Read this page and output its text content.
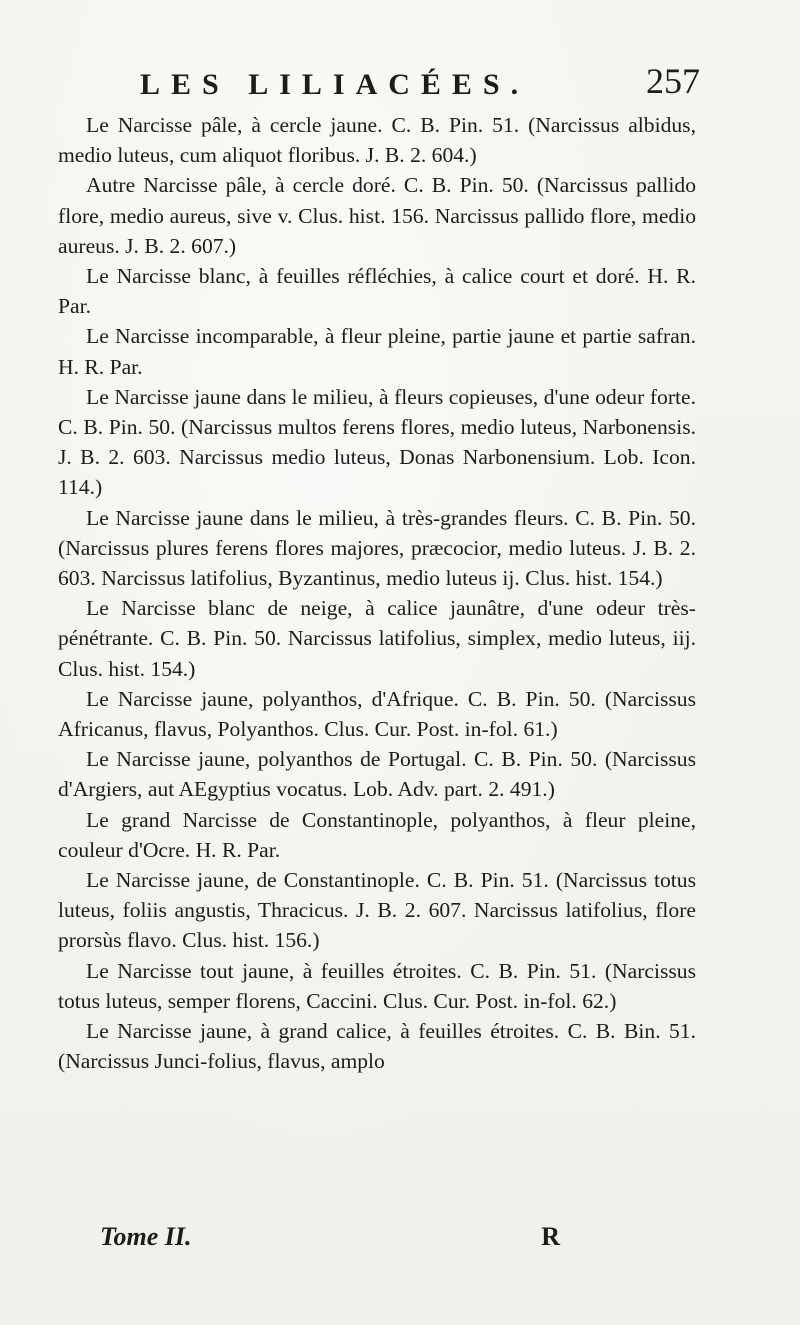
LES LILIACÉES.	257

Le Narcisse pâle, à cercle jaune. C. B. Pin. 51. (Narcissus albidus, medio luteus, cum aliquot floribus. J. B. 2. 604.)

Autre Narcisse pâle, à cercle doré. C. B. Pin. 50. (Narcissus pallido flore, medio aureus, sive v. Clus. hist. 156. Narcissus pallido flore, medio aureus. J. B. 2. 607.)

Le Narcisse blanc, à feuilles réfléchies, à calice court et doré. H. R. Par.

Le Narcisse incomparable, à fleur pleine, partie jaune et partie safran. H. R. Par.

Le Narcisse jaune dans le milieu, à fleurs copieuses, d'une odeur forte. C. B. Pin. 50. (Narcissus multos ferens flores, medio luteus, Narbonensis. J. B. 2. 603. Narcissus medio luteus, Donas Narbonensium. Lob. Icon. 114.)

Le Narcisse jaune dans le milieu, à très-grandes fleurs. C. B. Pin. 50. (Narcissus plures ferens flores majores, præcocior, medio luteus. J. B. 2. 603. Narcissus latifolius, Byzantinus, medio luteus ij. Clus. hist. 154.)

Le Narcisse blanc de neige, à calice jaunâtre, d'une odeur très-pénétrante. C. B. Pin. 50. Narcissus latifolius, simplex, medio luteus, iij. Clus. hist. 154.)

Le Narcisse jaune, polyanthos, d'Afrique. C. B. Pin. 50. (Narcissus Africanus, flavus, Polyanthos. Clus. Cur. Post. in-fol. 61.)

Le Narcisse jaune, polyanthos de Portugal. C. B. Pin. 50. (Narcissus d'Argiers, aut AEgyptius vocatus. Lob. Adv. part. 2. 491.)

Le grand Narcisse de Constantinople, polyanthos, à fleur pleine, couleur d'Ocre. H. R. Par.

Le Narcisse jaune, de Constantinople. C. B. Pin. 51. (Narcissus totus luteus, foliis angustis, Thracicus. J. B. 2. 607. Narcissus latifolius, flore prorsùs flavo. Clus. hist. 156.)

Le Narcisse tout jaune, à feuilles étroites. C. B. Pin. 51. (Narcissus totus luteus, semper florens, Caccini. Clus. Cur. Post. in-fol. 62.)

Le Narcisse jaune, à grand calice, à feuilles étroites. C. B. Bin. 51. (Narcissus Junci-folius, flavus, amplo

Tome II.	R
